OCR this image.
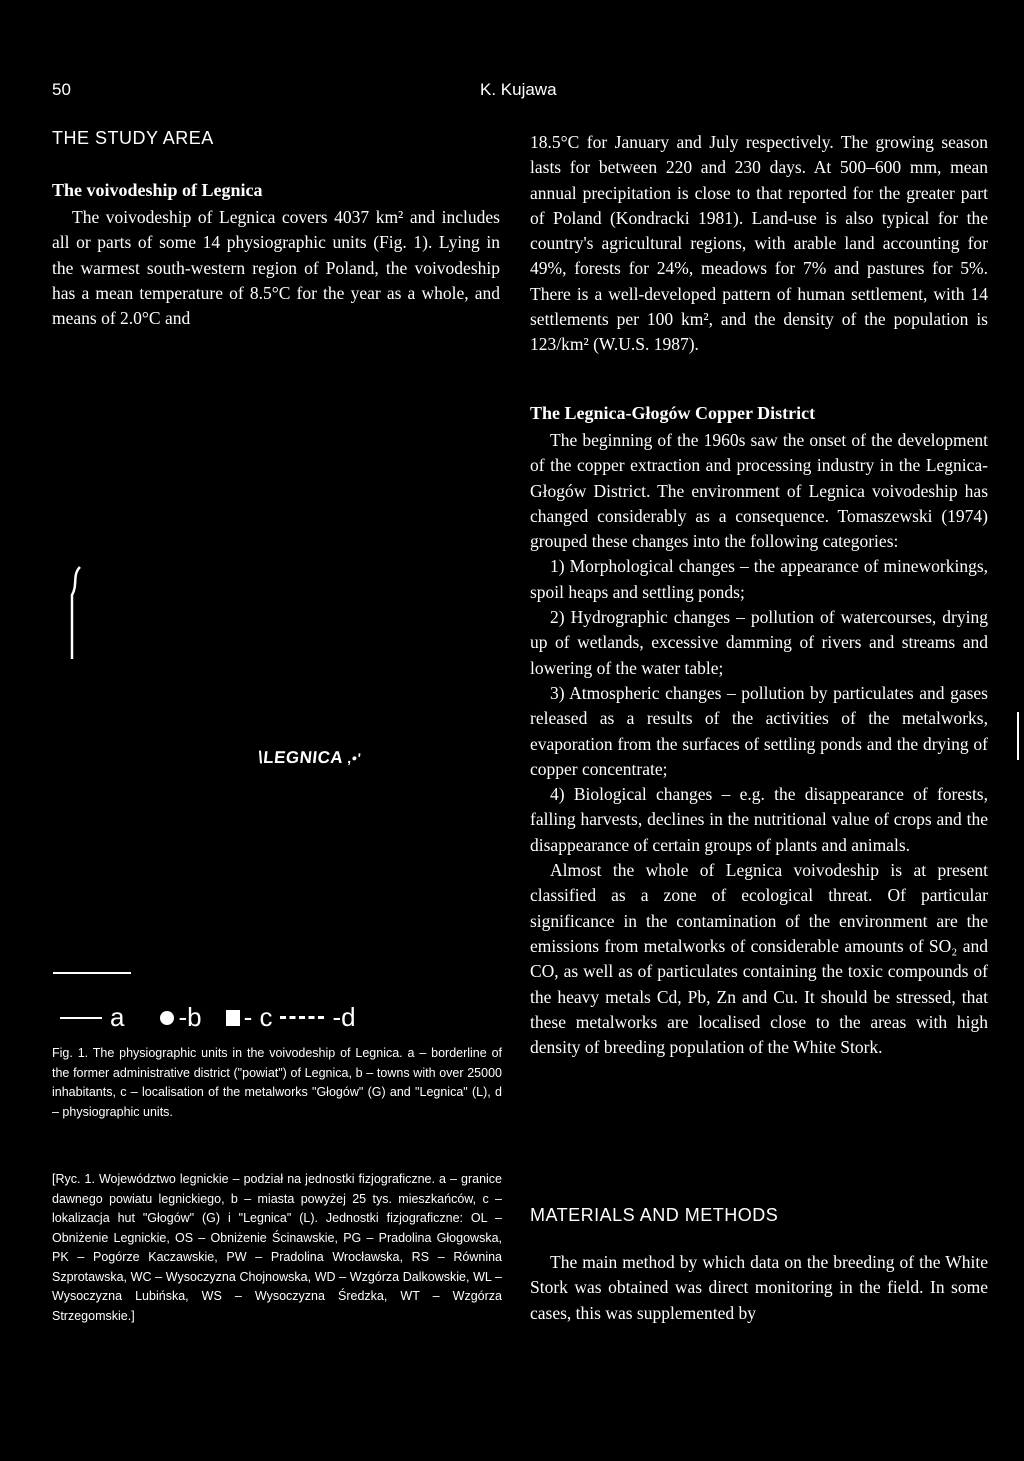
50	K. Kujawa
THE STUDY AREA
The voivodeship of Legnica

The voivodeship of Legnica covers 4037 km² and includes all or parts of some 14 physiographic units (Fig. 1). Lying in the warmest south-western region of Poland, the voivodeship has a mean temperature of 8.5°C for the year as a whole, and means of 2.0°C and

18.5°C for January and July respectively. The growing season lasts for between 220 and 230 days. At 500–600 mm, mean annual precipitation is close to that reported for the greater part of Poland (Kondracki 1981). Land-use is also typical for the country's agricultural regions, with arable land accounting for 49%, forests for 24%, meadows for 7% and pastures for 5%. There is a well-developed pattern of human settlement, with 14 settlements per 100 km², and the density of the population is 123/km² (W.U.S. 1987).

The Legnica-Głogów Copper District

The beginning of the 1960s saw the onset of the development of the copper extraction and processing industry in the Legnica-Głogów District. The environment of Legnica voivodeship has changed considerably as a consequence. Tomaszewski (1974) grouped these changes into the following categories:

1) Morphological changes – the appearance of mineworkings, spoil heaps and settling ponds;

2) Hydrographic changes – pollution of watercourses, drying up of wetlands, excessive damming of rivers and streams and lowering of the water table;

3) Atmospheric changes – pollution by particulates and gases released as a results of the activities of the metalworks, evaporation from the surfaces of settling ponds and the drying of copper concentrate;

4) Biological changes – e.g. the disappearance of forests, falling harvests, declines in the nutritional value of crops and the disappearance of certain groups of plants and animals.

Almost the whole of Legnica voivodeship is at present classified as a zone of ecological threat. Of particular significance in the contamination of the environment are the emissions from metalworks of considerable amounts of SO₂ and CO, as well as of particulates containing the toxic compounds of the heavy metals Cd, Pb, Zn and Cu. It should be stressed, that these metalworks are localised close to the areas with high density of breeding population of the White Stork.

MATERIALS AND METHODS

The main method by which data on the breeding of the White Stork was obtained was direct monitoring in the field. In some cases, this was supplemented by

\LEGNICA ,•'
a -b - c -d
Fig. 1. The physiographic units in the voivodeship of Legnica. a – borderline of the former administrative district ("powiat") of Legnica, b – towns with over 25000 inhabitants, c – localisation of the metalworks "Głogów" (G) and "Legnica" (L), d – physiographic units.
[Ryc. 1. Województwo legnickie – podział na jednostki fizjograficzne. a – granice dawnego powiatu legnickiego, b – miasta powyżej 25 tys. mieszkańców, c – lokalizacja hut "Głogów" (G) i "Legnica" (L). Jednostki fizjograficzne: OL – Obniżenie Legnickie, OS – Obniżenie Ścinawskie, PG – Pradolina Głogowska, PK – Pogórze Kaczawskie, PW – Pradolina Wrocławska, RS – Równina Szprotawska, WC – Wysoczyzna Chojnowska, WD – Wzgórza Dalkowskie, WL – Wysoczyzna Lubińska, WS – Wysoczyzna Średzka, WT – Wzgórza Strzegomskie.]
